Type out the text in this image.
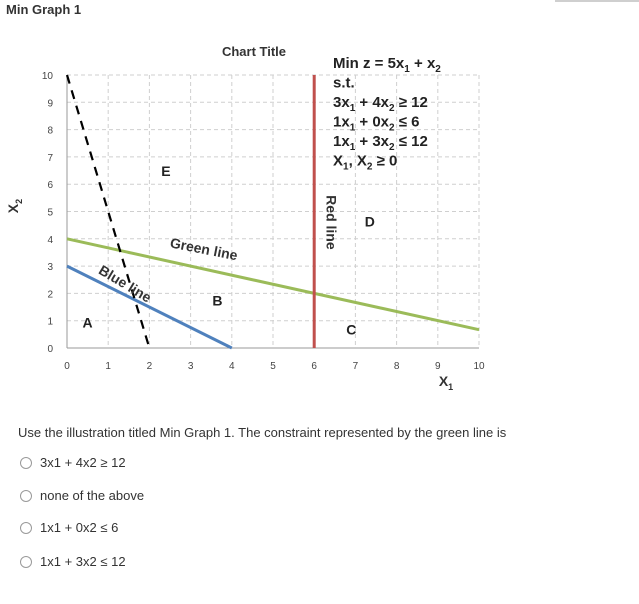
Min Graph 1
0	1	2	3	4	5	6	7	8	9	10
0
1
2
3
4
5
6
7
8
9
10
A
B
C
D
E
Green line
Blue line
Red line
Chart Title
$X_1$
$X_2$
Min $z = 5x_1 + x_2$
s.t.
$3x_1 + 4x_2 \ge 12$
$1x_1 + 0x_2 \le 6$
$1x_1 + 3x_2 \le 12$
$X_1$, $X_2 \ge 0$
Use the illustration titled Min Graph 1. The constraint represented by the green line is
3x1 + 4x2 ≥ 12
none of the above
1x1 + 0x2 ≤ 6
1x1 + 3x2 ≤ 12
